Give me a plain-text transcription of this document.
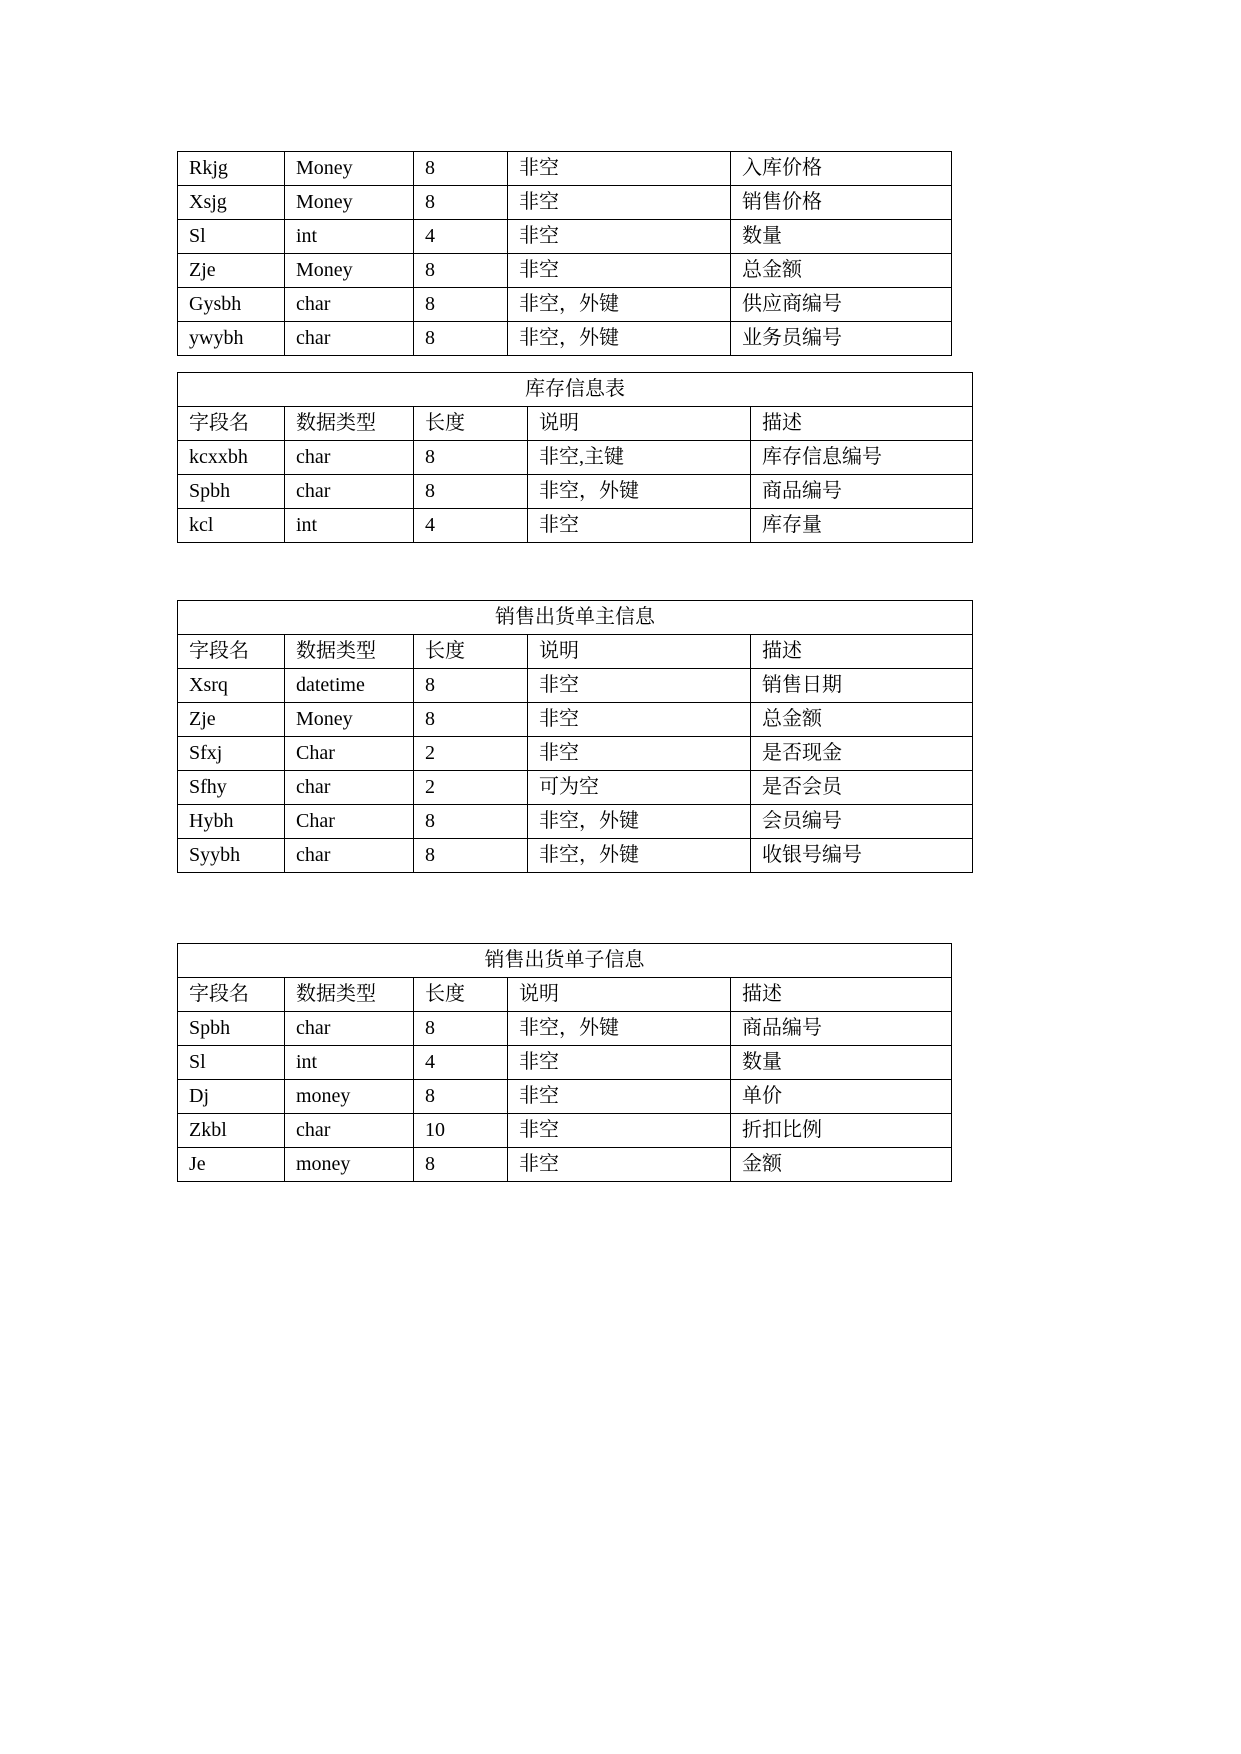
Rkjg	Money	8	非空	入库价格
Xsjg	Money	8	非空	销售价格
Sl	int	4	非空	数量
Zje	Money	8	非空	总金额
Gysbh	char	8	非空，外键	供应商编号
ywybh	char	8	非空，外键	业务员编号
库存信息表				
字段名	数据类型	长度	说明	描述
kcxxbh	char	8	非空,主键	库存信息编号
Spbh	char	8	非空，外键	商品编号
kcl	int	4	非空	库存量
销售出货单主信息				
字段名	数据类型	长度	说明	描述
Xsrq	datetime	8	非空	销售日期
Zje	Money	8	非空	总金额
Sfxj	Char	2	非空	是否现金
Sfhy	char	2	可为空	是否会员
Hybh	Char	8	非空，外键	会员编号
Syybh	char	8	非空，外键	收银号编号
销售出货单子信息				
字段名	数据类型	长度	说明	描述
Spbh	char	8	非空，外键	商品编号
Sl	int	4	非空	数量
Dj	money	8	非空	单价
Zkbl	char	10	非空	折扣比例
Je	money	8	非空	金额
